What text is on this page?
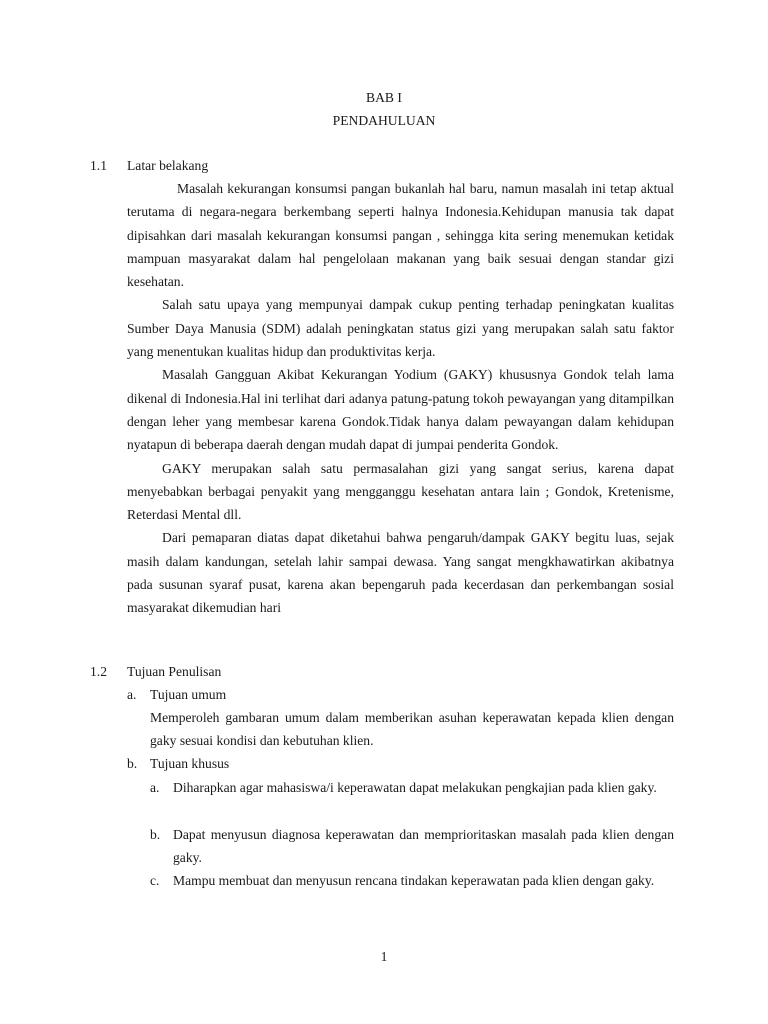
BAB I
PENDAHULUAN
1.1 Latar belakang

Masalah kekurangan konsumsi pangan bukanlah hal baru, namun masalah ini tetap aktual terutama di negara-negara berkembang seperti halnya Indonesia.Kehidupan manusia tak dapat dipisahkan dari masalah kekurangan konsumsi pangan , sehingga kita sering menemukan ketidak mampuan masyarakat dalam hal pengelolaan makanan yang baik sesuai dengan standar gizi kesehatan.

Salah satu upaya yang mempunyai dampak cukup penting terhadap peningkatan kualitas Sumber Daya Manusia (SDM) adalah peningkatan status gizi yang merupakan salah satu faktor yang menentukan kualitas hidup dan produktivitas kerja.

Masalah Gangguan Akibat Kekurangan Yodium (GAKY) khususnya Gondok telah lama dikenal di Indonesia.Hal ini terlihat dari adanya patung-patung tokoh pewayangan yang ditampilkan dengan leher yang membesar karena Gondok.Tidak hanya dalam pewayangan dalam kehidupan nyatapun di beberapa daerah dengan mudah dapat di jumpai penderita Gondok.

GAKY merupakan salah satu permasalahan gizi yang sangat serius, karena dapat menyebabkan berbagai penyakit yang mengganggu kesehatan antara lain ; Gondok, Kretenisme, Reterdasi Mental dll.

Dari pemaparan diatas dapat diketahui bahwa pengaruh/dampak GAKY begitu luas, sejak masih dalam kandungan, setelah lahir sampai dewasa. Yang sangat mengkhawatirkan akibatnya pada susunan syaraf pusat, karena akan bepengaruh pada kecerdasan dan perkembangan sosial masyarakat dikemudian hari

1.2 Tujuan Penulisan
a. Tujuan umum

Memperoleh gambaran umum dalam memberikan asuhan keperawatan kepada klien dengan gaky sesuai kondisi dan kebutuhan klien.

b. Tujuan khusus
a. Diharapkan agar mahasiswa/i keperawatan dapat melakukan pengkajian pada klien gaky.

b. Dapat menyusun diagnosa keperawatan dan memprioritaskan masalah pada klien dengan gaky.

c. Mampu membuat dan menyusun rencana tindakan keperawatan pada klien dengan gaky.

1
